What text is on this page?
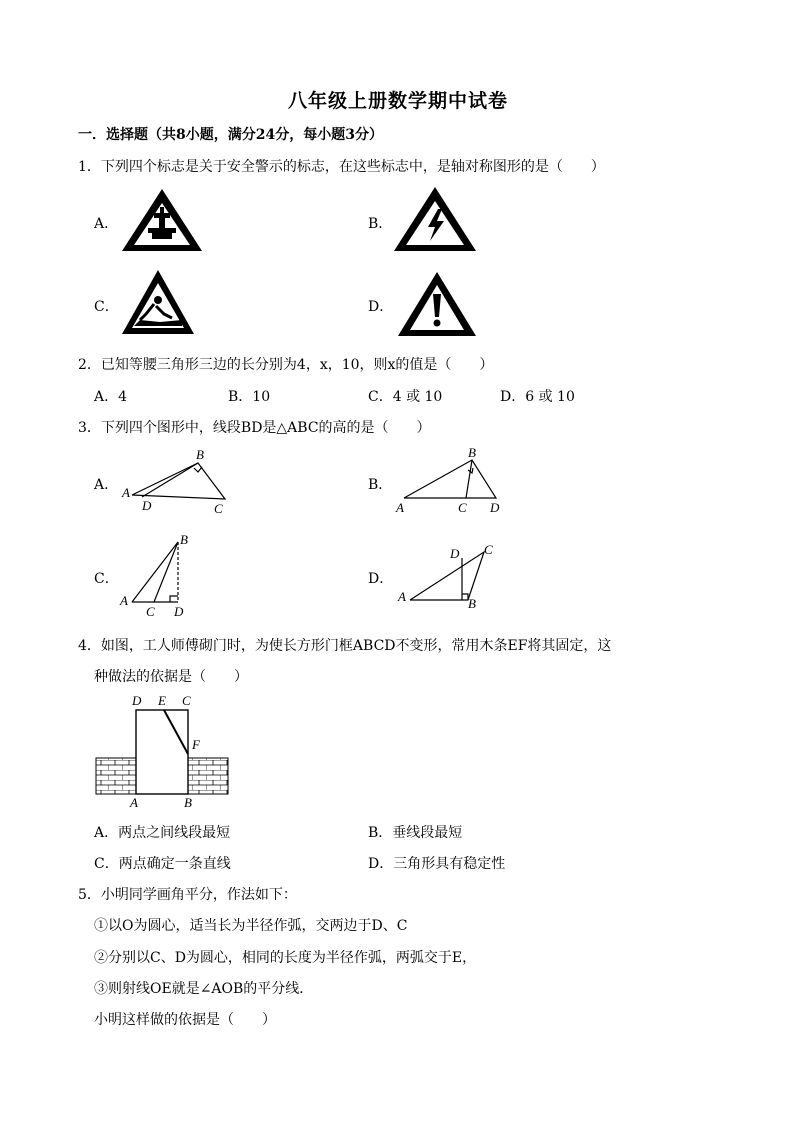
八年级上册数学期中试卷
一．选择题（共8小题，满分24分，每小题3分）
1．下列四个标志是关于安全警示的标志，在这些标志中，是轴对称图形的是（　　）
A．	B．
C．	D．
2．已知等腰三角形三边的长分别为4，x，10，则x的值是（　　）
A．4	B．10	C．4 或 10	D．6 或 10
3．下列四个图形中，线段BD是△ABC的高的是（　　）
A．
B
A
D	C
B．
B
A	C D
C．
B
A
C D
D．
D C
A	B
4．如图，工人师傅砌门时，为使长方形门框ABCD不变形，常用木条EF将其固定，这
种做法的依据是（　　）
D E C
F
A	B
A．两点之间线段最短	B．垂线段最短
C．两点确定一条直线	D．三角形具有稳定性
5．小明同学画角平分，作法如下：
①以O为圆心，适当长为半径作弧，交两边于D、C
②分别以C、D为圆心，相同的长度为半径作弧，两弧交于E，
③则射线OE就是∠AOB的平分线．
小明这样做的依据是（　　）
